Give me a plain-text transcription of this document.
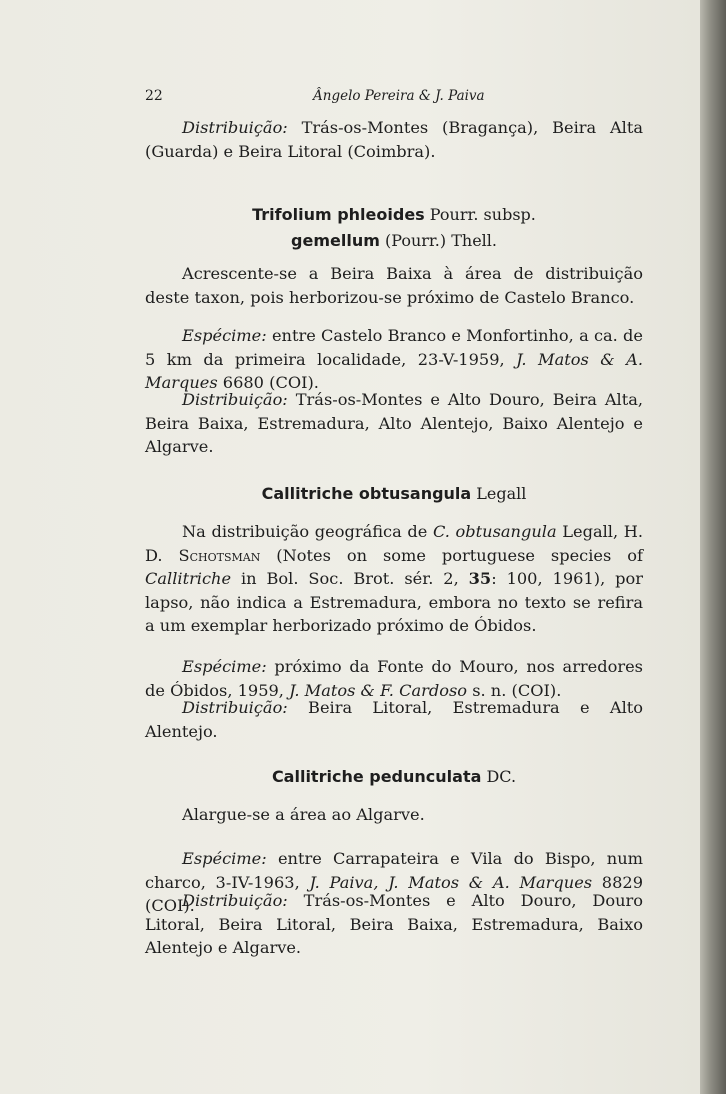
22	Ângelo Pereira & J. Paiva

Distribuição: Trás-os-Montes (Bragança), Beira Alta (Guarda) e Beira Litoral (Coimbra).

Trifolium phleoides Pourr. subsp.
gemellum (Pourr.) Thell.

Acrescente-se a Beira Baixa à área de distribuição deste taxon, pois herborizou-se próximo de Castelo Branco.

Espécime: entre Castelo Branco e Monfortinho, a ca. de 5 km da primeira localidade, 23-V-1959, J. Matos & A. Marques 6680 (COI).

Distribuição: Trás-os-Montes e Alto Douro, Beira Alta, Beira Baixa, Estremadura, Alto Alentejo, Baixo Alentejo e Algarve.

Callitriche obtusangula Legall

Na distribuição geográfica de C. obtusangula Legall, H. D. Schotsman (Notes on some portuguese species of Callitriche in Bol. Soc. Brot. sér. 2, 35: 100, 1961), por lapso, não indica a Estremadura, embora no texto se refira a um exemplar herborizado próximo de Óbidos.

Espécime: próximo da Fonte do Mouro, nos arredores de Óbidos, 1959, J. Matos & F. Cardoso s. n. (COI).

Distribuição: Beira Litoral, Estremadura e Alto Alentejo.

Callitriche pedunculata DC.

Alargue-se a área ao Algarve.

Espécime: entre Carrapateira e Vila do Bispo, num charco, 3-IV-1963, J. Paiva, J. Matos & A. Marques 8829 (COI).

Distribuição: Trás-os-Montes e Alto Douro, Douro Litoral, Beira Litoral, Beira Baixa, Estremadura, Baixo Alentejo e Algarve.
